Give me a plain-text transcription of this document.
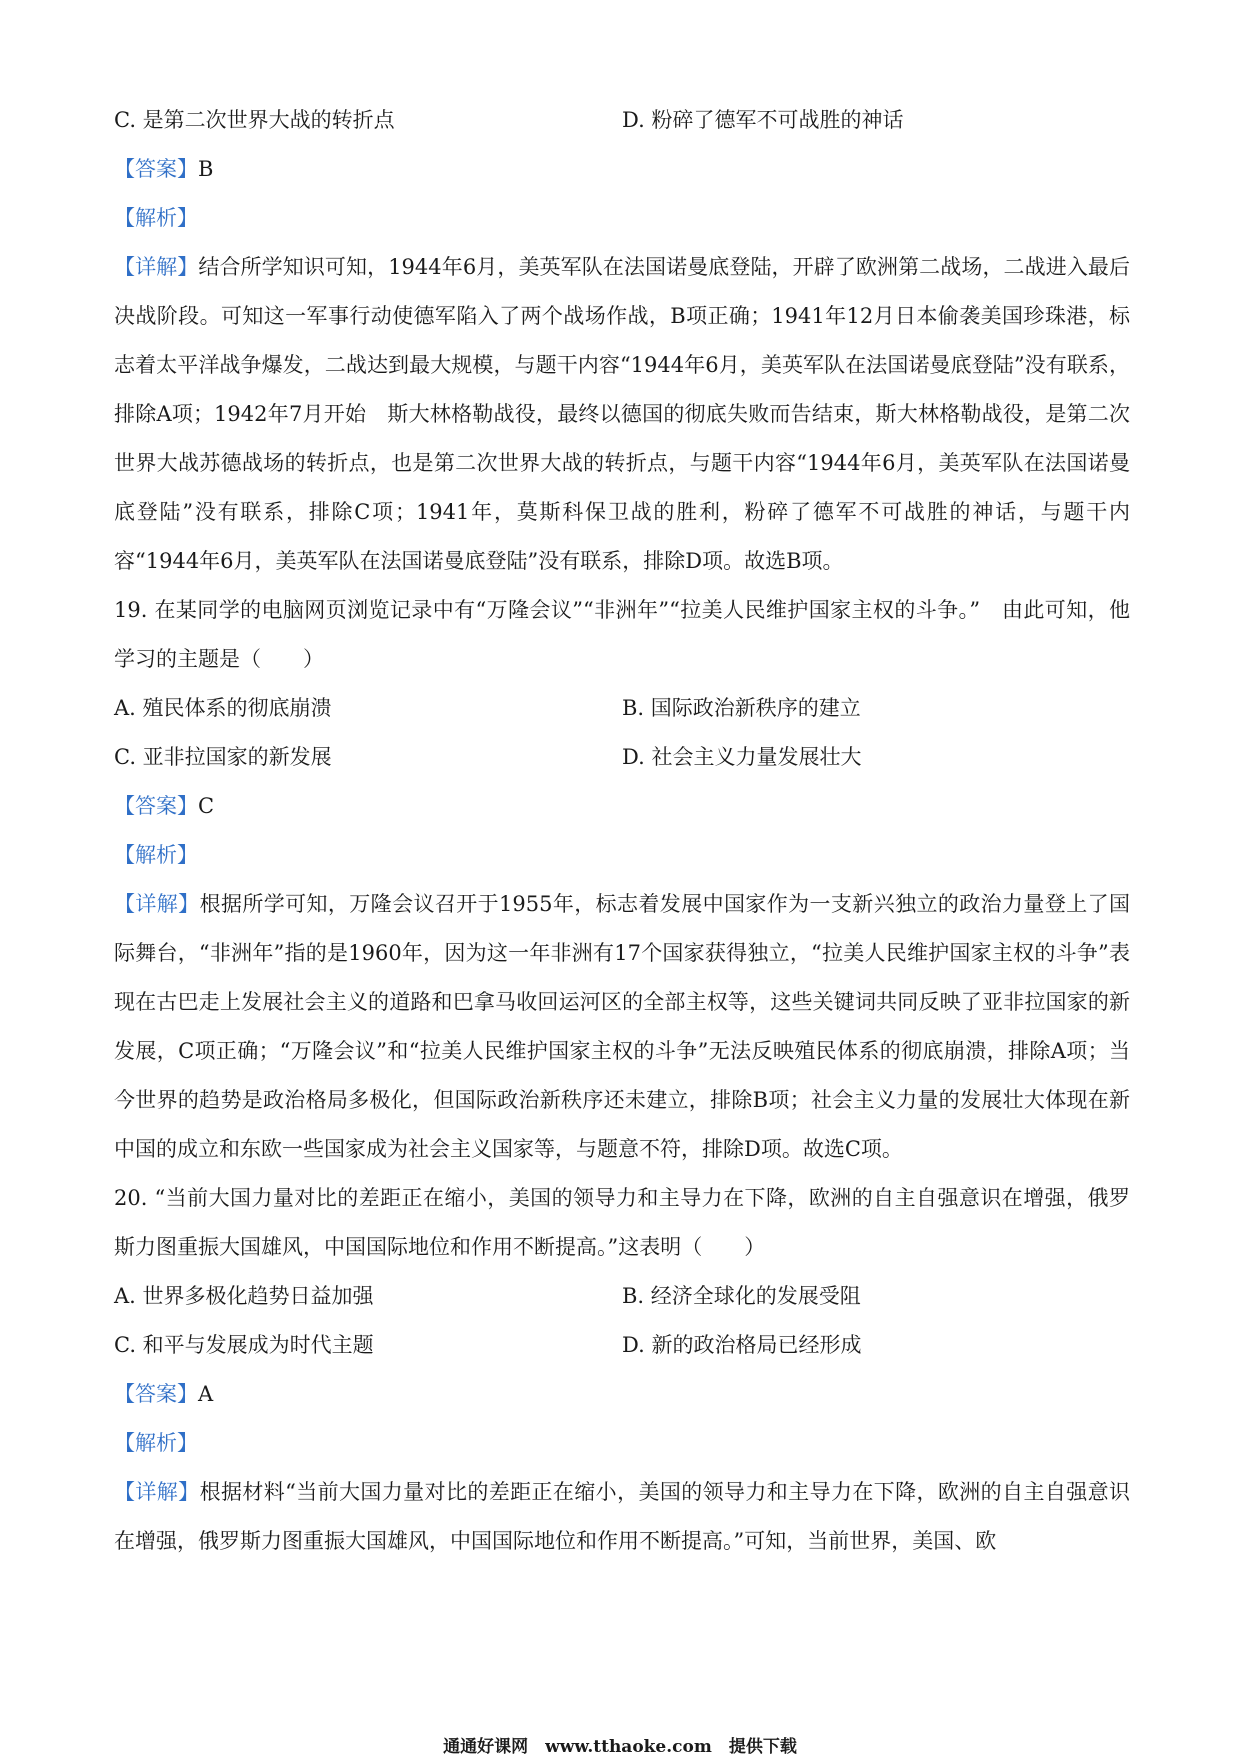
C. 是第二次世界大战的转折点	D. 粉碎了德军不可战胜的神话
【答案】B
【解析】
【详解】结合所学知识可知，1944年6月，美英军队在法国诺曼底登陆，开辟了欧洲第二战场，二战进入最后决战阶段。可知这一军事行动使德军陷入了两个战场作战，B项正确；1941年12月日本偷袭美国珍珠港，标志着太平洋战争爆发，二战达到最大规模，与题干内容“1944年6月，美英军队在法国诺曼底登陆”没有联系，排除A项；1942年7月开始　斯大林格勒战役，最终以德国的彻底失败而告结束，斯大林格勒战役，是第二次世界大战苏德战场的转折点，也是第二次世界大战的转折点，与题干内容“1944年6月，美英军队在法国诺曼底登陆”没有联系，排除C项；1941年，莫斯科保卫战的胜利，粉碎了德军不可战胜的神话，与题干内容“1944年6月，美英军队在法国诺曼底登陆”没有联系，排除D项。故选B项。
19. 在某同学的电脑网页浏览记录中有“万隆会议”“非洲年”“拉美人民维护国家主权的斗争。”　由此可知，他学习的主题是（　　）
A. 殖民体系的彻底崩溃	B. 国际政治新秩序的建立
C. 亚非拉国家的新发展	D. 社会主义力量发展壮大
【答案】C
【解析】
【详解】根据所学可知，万隆会议召开于1955年，标志着发展中国家作为一支新兴独立的政治力量登上了国际舞台，“非洲年”指的是1960年，因为这一年非洲有17个国家获得独立，“拉美人民维护国家主权的斗争”表现在古巴走上发展社会主义的道路和巴拿马收回运河区的全部主权等，这些关键词共同反映了亚非拉国家的新发展，C项正确；“万隆会议”和“拉美人民维护国家主权的斗争”无法反映殖民体系的彻底崩溃，排除A项；当今世界的趋势是政治格局多极化，但国际政治新秩序还未建立，排除B项；社会主义力量的发展壮大体现在新中国的成立和东欧一些国家成为社会主义国家等，与题意不符，排除D项。故选C项。
20. “当前大国力量对比的差距正在缩小，美国的领导力和主导力在下降，欧洲的自主自强意识在增强，俄罗斯力图重振大国雄风，中国国际地位和作用不断提高。”这表明（　　）
A. 世界多极化趋势日益加强	B. 经济全球化的发展受阻
C. 和平与发展成为时代主题	D. 新的政治格局已经形成
【答案】A
【解析】
【详解】根据材料“当前大国力量对比的差距正在缩小，美国的领导力和主导力在下降，欧洲的自主自强意识在增强，俄罗斯力图重振大国雄风，中国国际地位和作用不断提高。”可知，当前世界，美国、欧
通通好课网　www.tthaoke.com　提供下载
